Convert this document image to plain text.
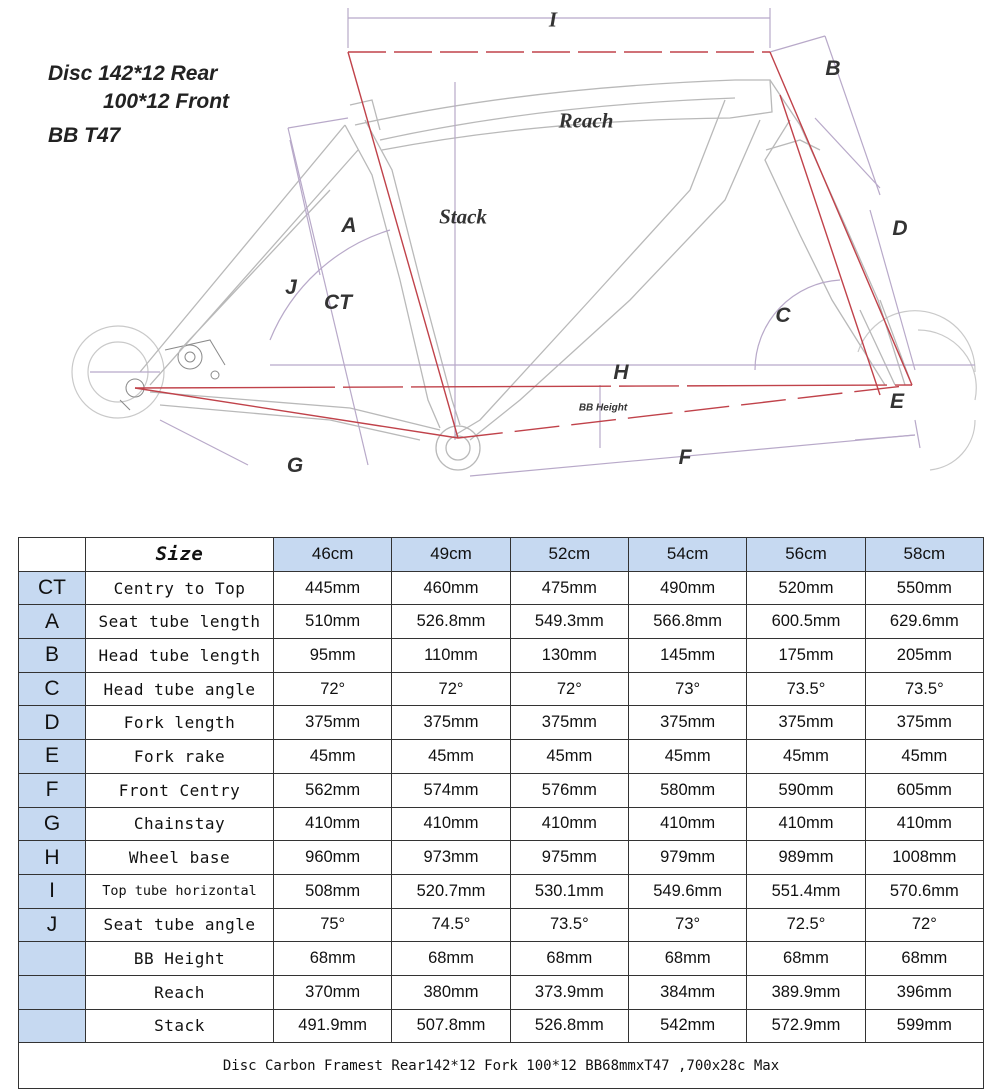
Disc 142*12 Rear
100*12 Front
BB T47
I
B
Reach
Stack
A	D
J
CT
C
H
BB Height	E
G	F
	Size	46cm	49cm	52cm	54cm	56cm	58cm
CT	Centry to Top	445mm	460mm	475mm	490mm	520mm	550mm
A	Seat tube length	510mm	526.8mm	549.3mm	566.8mm	600.5mm	629.6mm
B	Head tube length	95mm	110mm	130mm	145mm	175mm	205mm
C	Head tube angle	72°	72°	72°	73°	73.5°	73.5°
D	Fork length	375mm	375mm	375mm	375mm	375mm	375mm
E	Fork rake	45mm	45mm	45mm	45mm	45mm	45mm
F	Front Centry	562mm	574mm	576mm	580mm	590mm	605mm
G	Chainstay	410mm	410mm	410mm	410mm	410mm	410mm
H	Wheel base	960mm	973mm	975mm	979mm	989mm	1008mm
I	Top tube horizontal	508mm	520.7mm	530.1mm	549.6mm	551.4mm	570.6mm
J	Seat tube angle	75°	74.5°	73.5°	73°	72.5°	72°
	BB Height	68mm	68mm	68mm	68mm	68mm	68mm
	Reach	370mm	380mm	373.9mm	384mm	389.9mm	396mm
	Stack	491.9mm	507.8mm	526.8mm	542mm	572.9mm	599mm
Disc Carbon Framest Rear142*12 Fork 100*12 BB68mmxT47 ,700x28c Max							
